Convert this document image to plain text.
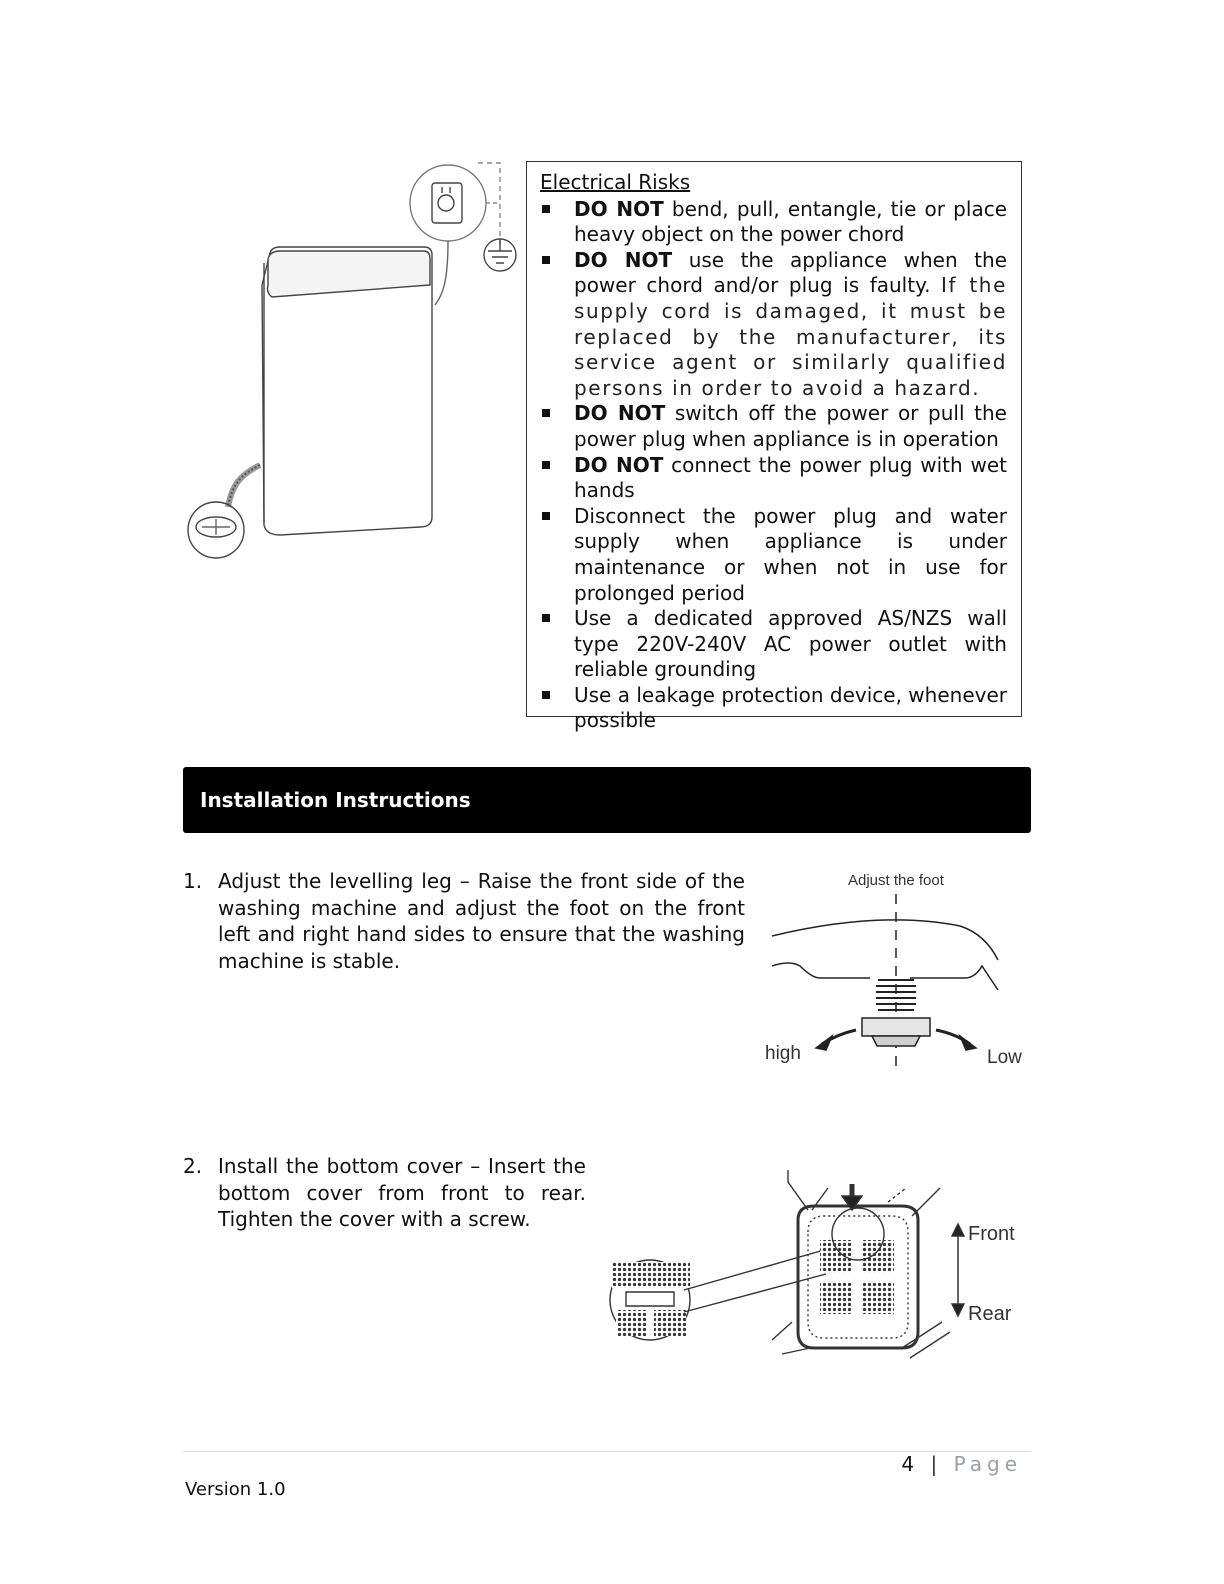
Electrical Risks
DO NOT bend, pull, entangle, tie or place heavy object on the power chord
DO NOT use the appliance when the power chord and/or plug is faulty. If the supply cord is damaged, it must be replaced by the manufacturer, its service agent or similarly qualified persons in order to avoid a hazard.
DO NOT switch off the power or pull the power plug when appliance is in operation
DO NOT connect the power plug with wet hands
Disconnect the power plug and water supply when appliance is under maintenance or when not in use for prolonged period
Use a dedicated approved AS/NZS wall type 220V-240V AC power outlet with reliable grounding
Use a leakage protection device, whenever possible
Installation Instructions
1. Adjust the levelling leg – Raise the front side of the washing machine and adjust the foot on the front left and right hand sides to ensure that the washing machine is stable.
Adjust the foot
high	Low
2. Install the bottom cover – Insert the bottom cover from front to rear. Tighten the cover with a screw.
Front
Rear
4 | Page
Version 1.0
